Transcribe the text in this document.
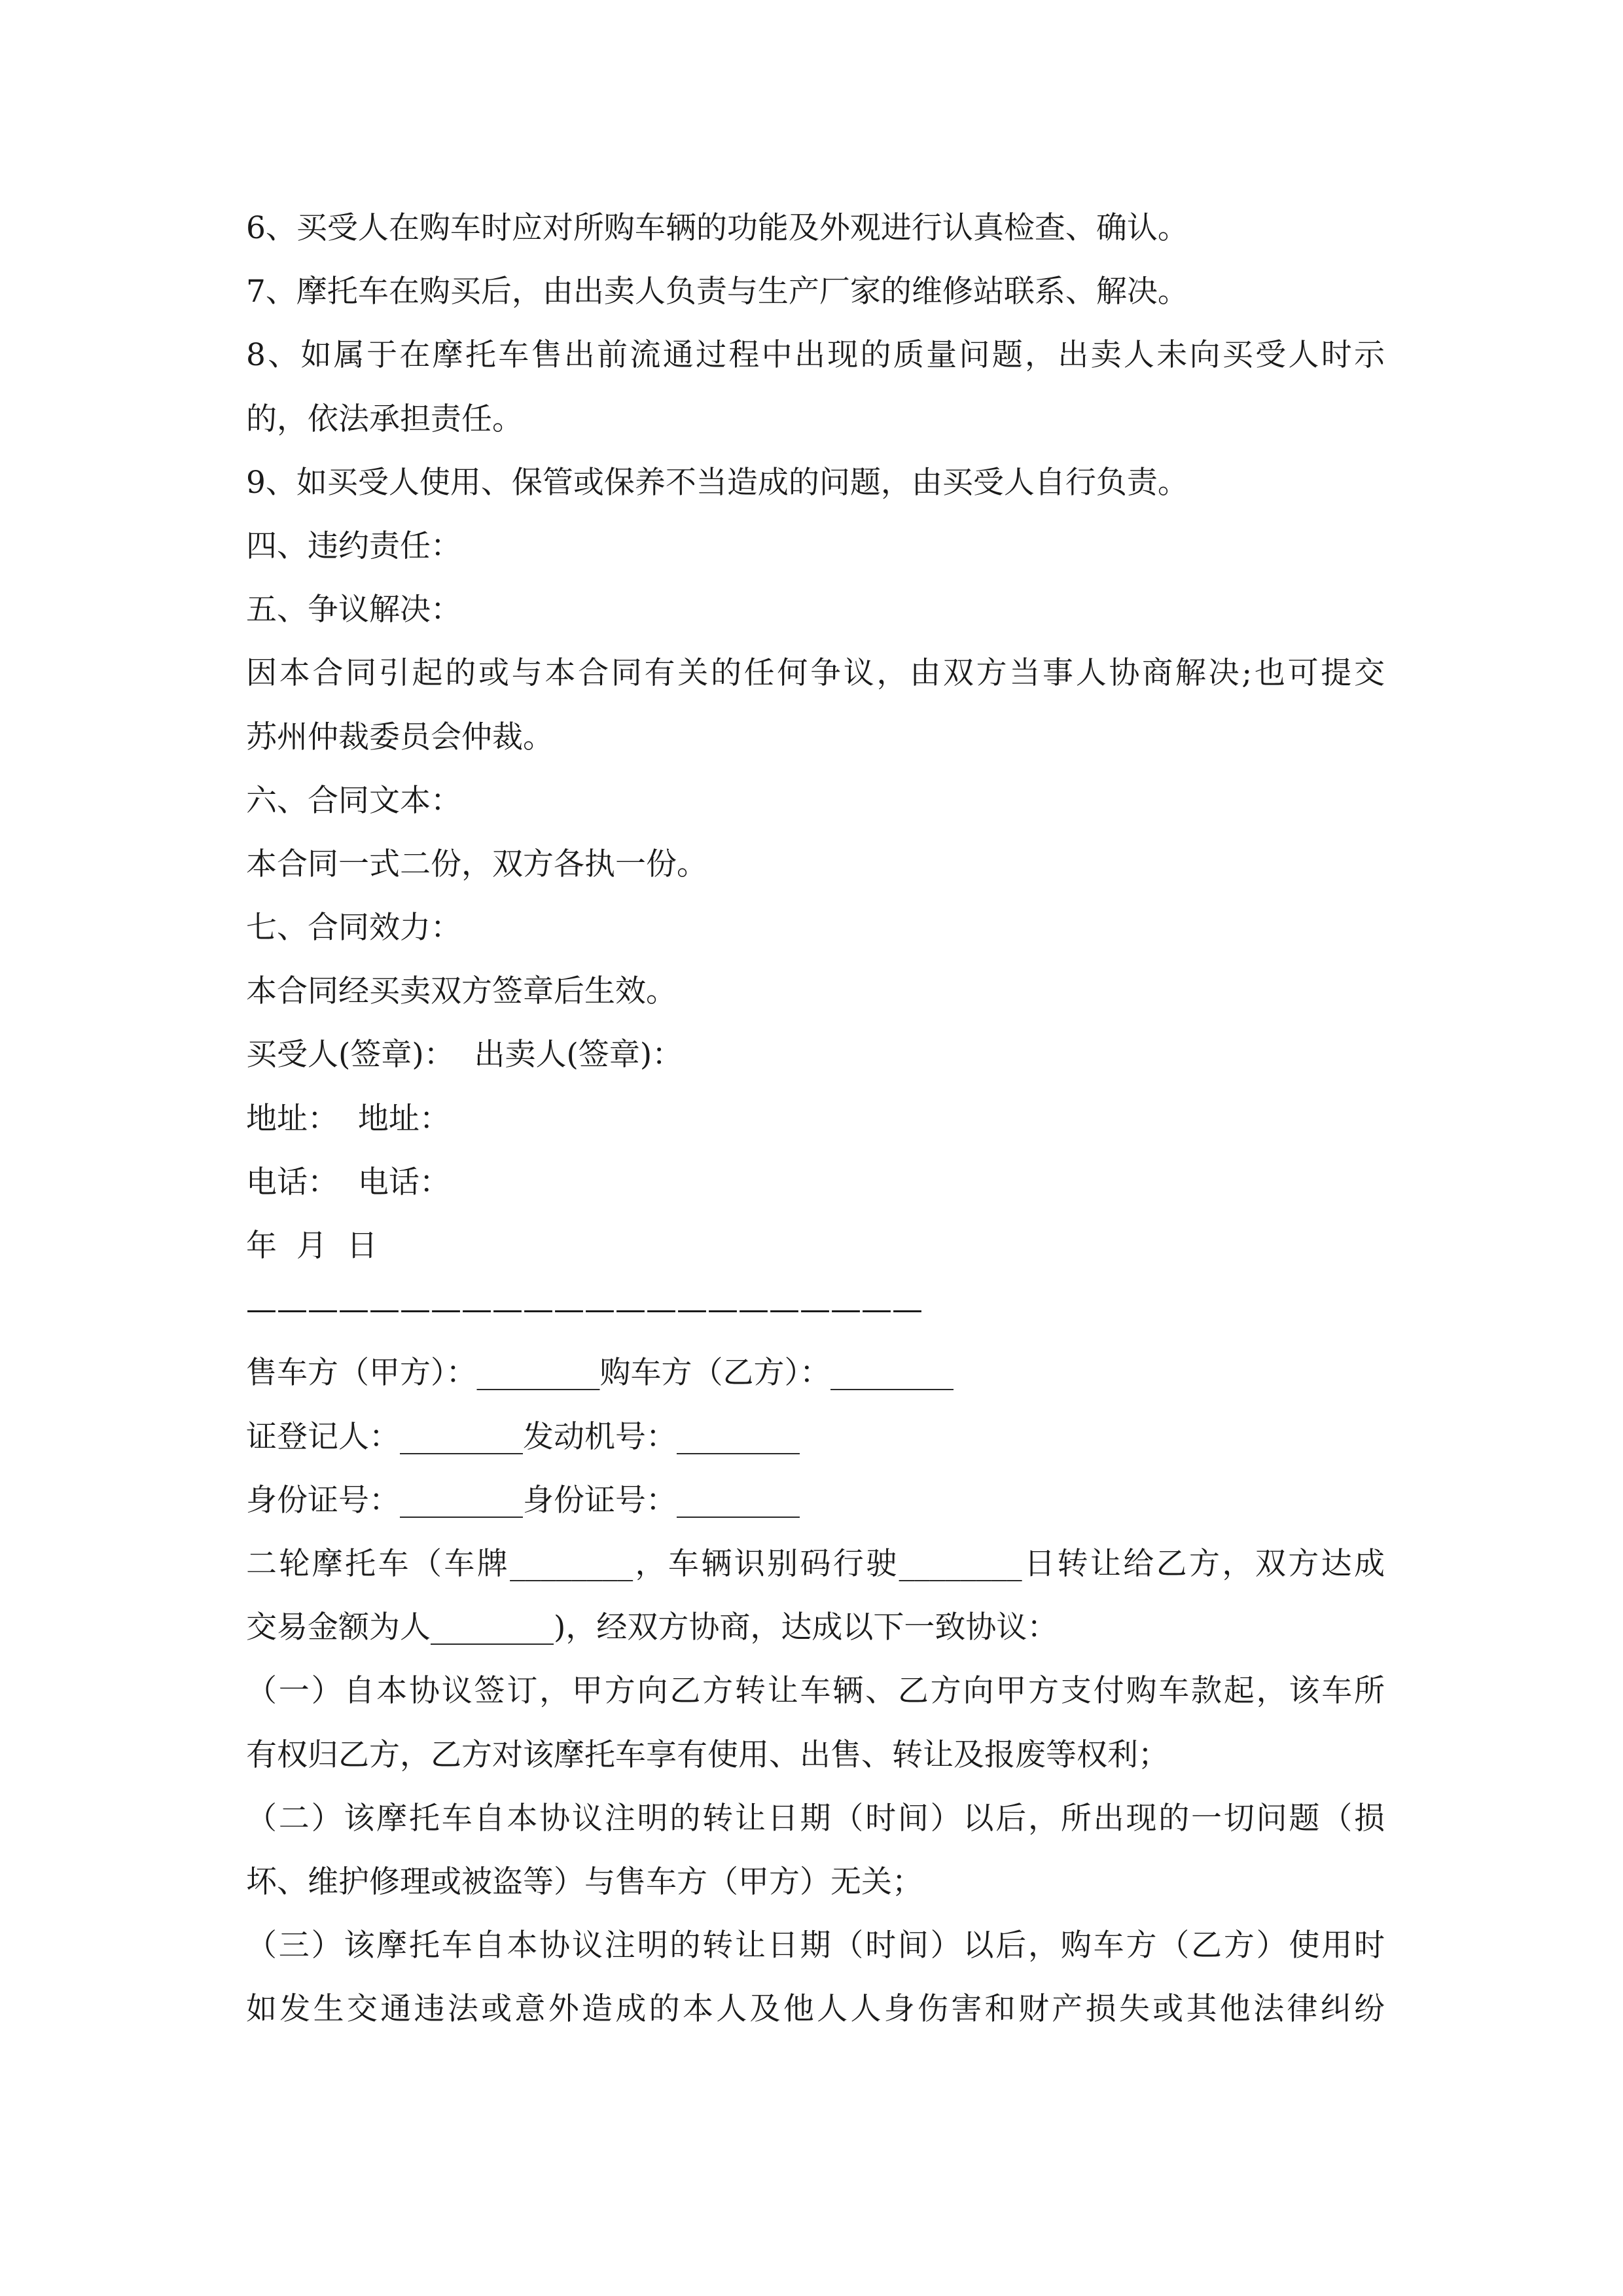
6、买受人在购车时应对所购车辆的功能及外观进行认真检查、确认。
7、摩托车在购买后，由出卖人负责与生产厂家的维修站联系、解决。
8、如属于在摩托车售出前流通过程中出现的质量问题，出卖人未向买受人时示
的，依法承担责任。
9、如买受人使用、保管或保养不当造成的问题，由买受人自行负责。
四、违约责任：
五、争议解决：
因本合同引起的或与本合同有关的任何争议，由双方当事人协商解决;也可提交
苏州仲裁委员会仲裁。
六、合同文本：
本合同一式二份，双方各执一份。
七、合同效力：
本合同经买卖双方签章后生效。
买受人(签章)：  出卖人(签章)：
地址：  地址：
电话：  电话：
年  月  日
——————————————————————
售车方（甲方）：________购车方（乙方）：________
证登记人：________发动机号：________
身份证号：________身份证号：________
二轮摩托车（车牌________，车辆识别码行驶________日转让给乙方，双方达成
交易金额为人________)，经双方协商，达成以下一致协议：
（一）自本协议签订，甲方向乙方转让车辆、乙方向甲方支付购车款起，该车所
有权归乙方，乙方对该摩托车享有使用、出售、转让及报废等权利；
（二）该摩托车自本协议注明的转让日期（时间）以后，所出现的一切问题（损
坏、维护修理或被盗等）与售车方（甲方）无关；
（三）该摩托车自本协议注明的转让日期（时间）以后，购车方（乙方）使用时
如发生交通违法或意外造成的本人及他人人身伤害和财产损失或其他法律纠纷
